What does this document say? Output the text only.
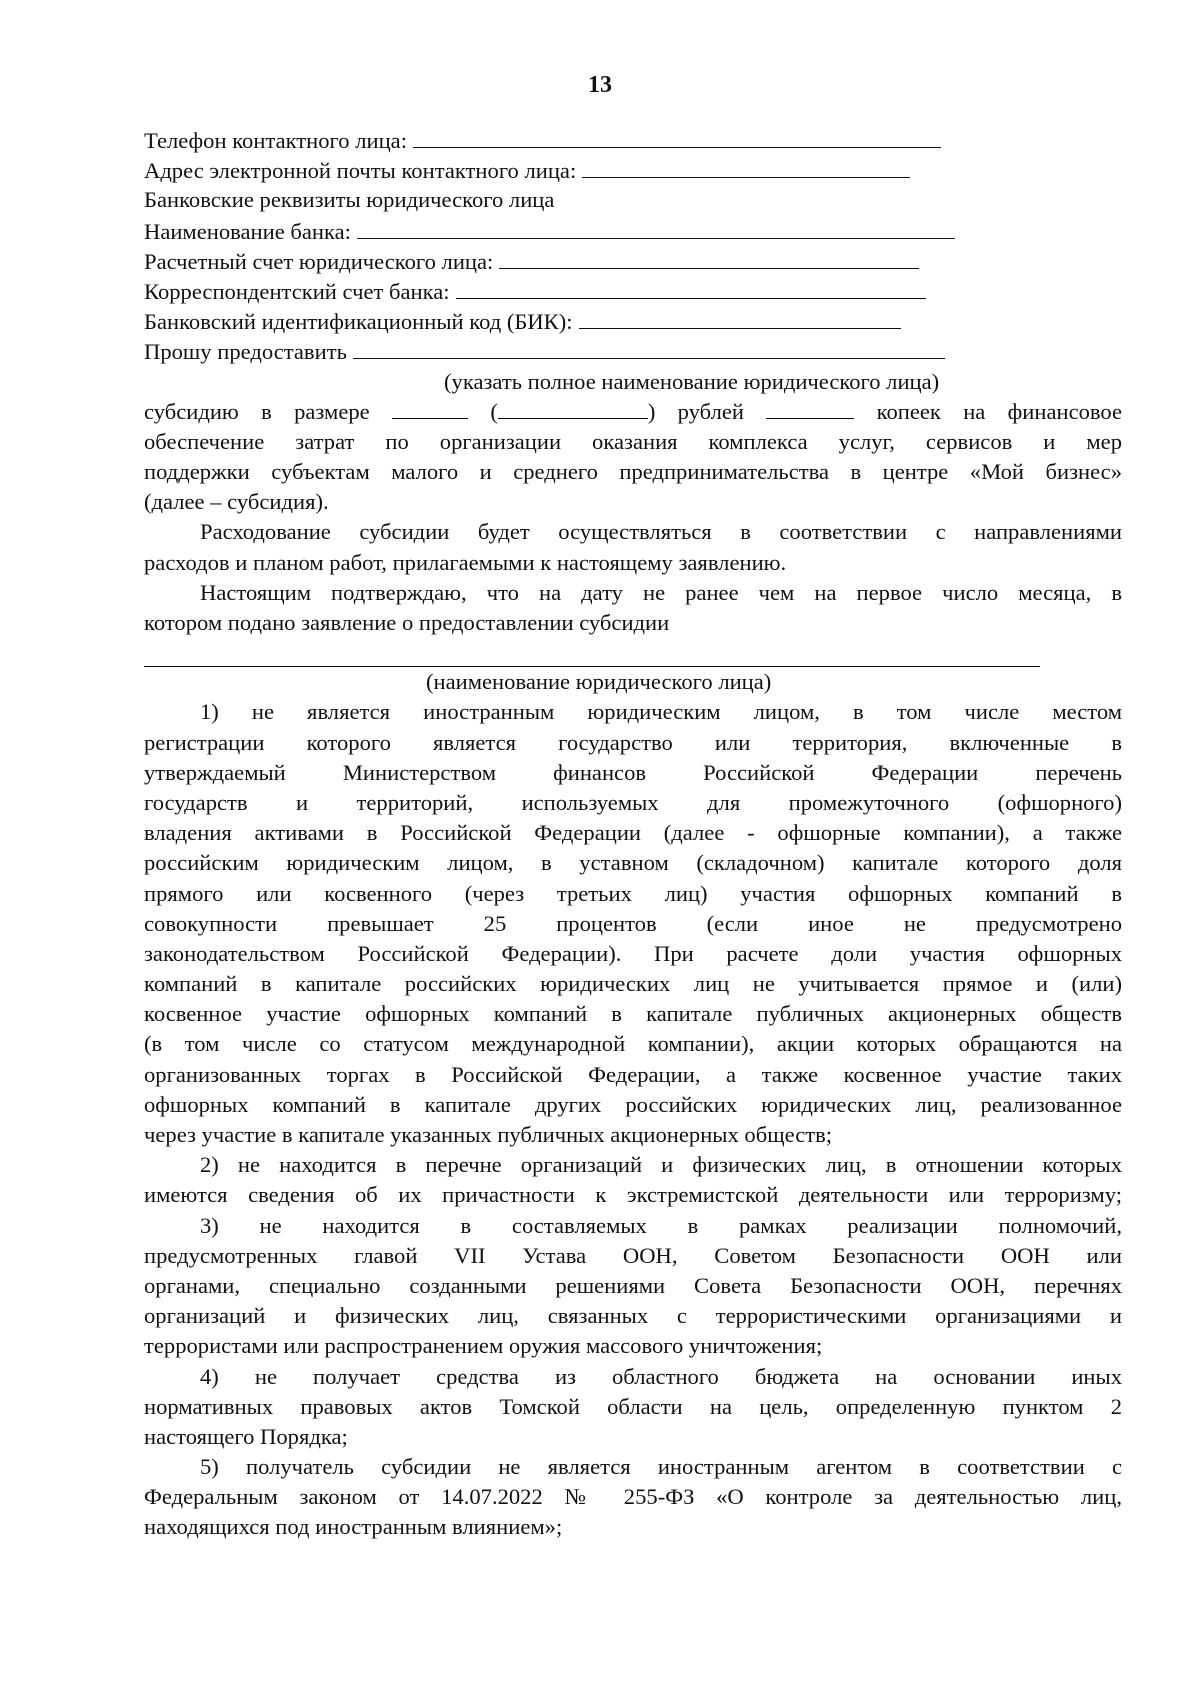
13
Телефон контактного лица:
Адрес электронной почты контактного лица:
Банковские реквизиты юридического лица
Наименование банка:
Расчетный счет юридического лица:
Корреспондентский счет банка:
Банковский идентификационный код (БИК):
Прошу предоставить
(указать полное наименование юридического лица)
субсидию в размере	(	) рублей	копеек на финансовое
обеспечение затрат по организации оказания комплекса услуг, сервисов и мер
поддержки субъектам малого и среднего предпринимательства в центре «Мой бизнес»
(далее – субсидия).
Расходование субсидии будет осуществляться в соответствии с направлениями
расходов и планом работ, прилагаемыми к настоящему заявлению.
Настоящим подтверждаю, что на дату не ранее чем на первое число месяца, в
котором подано заявление о предоставлении субсидии
(наименование юридического лица)
1) не является иностранным юридическим лицом, в том числе местом
регистрации которого является государство или территория, включенные в
утверждаемый Министерством финансов Российской Федерации перечень
государств и территорий, используемых для промежуточного (офшорного)
владения активами в Российской Федерации (далее - офшорные компании), а также
российским юридическим лицом, в уставном (складочном) капитале которого доля
прямого или косвенного (через третьих лиц) участия офшорных компаний в
совокупности превышает 25 процентов (если иное не предусмотрено
законодательством Российской Федерации). При расчете доли участия офшорных
компаний в капитале российских юридических лиц не учитывается прямое и (или)
косвенное участие офшорных компаний в капитале публичных акционерных обществ
(в том числе со статусом международной компании), акции которых обращаются на
организованных торгах в Российской Федерации, а также косвенное участие таких
офшорных компаний в капитале других российских юридических лиц, реализованное
через участие в капитале указанных публичных акционерных обществ;
2) не находится в перечне организаций и физических лиц, в отношении которых
имеются сведения об их причастности к экстремистской деятельности или терроризму;
3) не находится в составляемых в рамках реализации полномочий,
предусмотренных главой VII Устава ООН, Советом Безопасности ООН или
органами, специально созданными решениями Совета Безопасности ООН, перечнях
организаций и физических лиц, связанных с террористическими организациями и
террористами или распространением оружия массового уничтожения;
4) не получает средства из областного бюджета на основании иных
нормативных правовых актов Томской области на цель, определенную пунктом 2
настоящего Порядка;
5) получатель субсидии не является иностранным агентом в соответствии с
Федеральным законом от 14.07.2022 № 255-ФЗ «О контроле за деятельностью лиц,
находящихся под иностранным влиянием»;
